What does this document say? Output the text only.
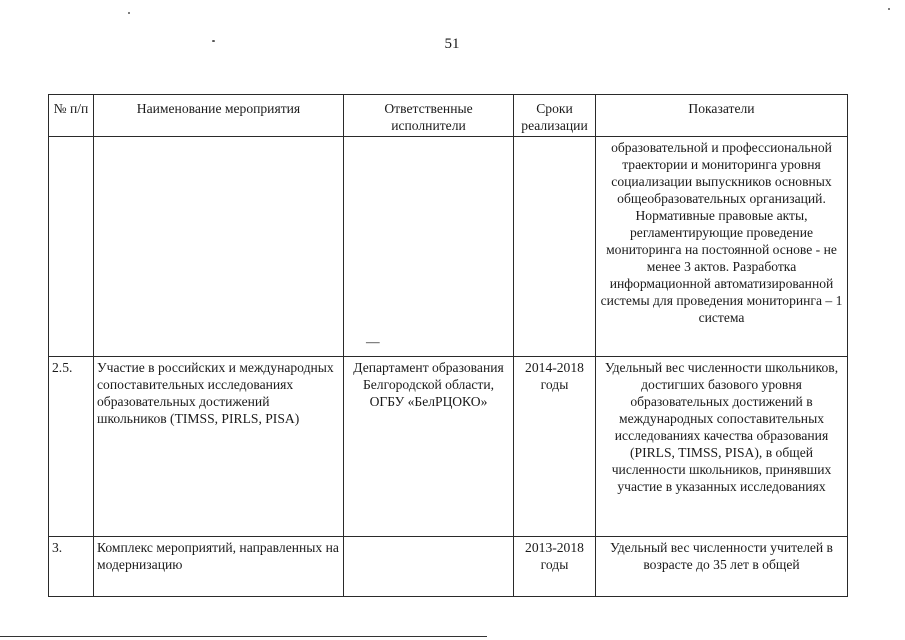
51
№ п/п	Наименование мероприятия	Ответственные исполнители	Сроки реализации	Показатели

		—		образовательной и профессиональной траектории и мониторинга уровня социализации выпускников основных общеобразовательных организаций. Нормативные правовые акты, регламентирующие проведение мониторинга на постоянной основе - не менее 3 актов. Разработка информационной автоматизированной системы для проведения мониторинга – 1 система
2.5.	Участие в российских и международных сопоставительных исследованиях образовательных достижений школьников (TIMSS, PIRLS, PISA)	Департамент образования Белгородской области, ОГБУ «БелРЦОКО»	2014-2018 годы	Удельный вес численности школьников, достигших базового уровня образовательных достижений в международных сопоставительных исследованиях качества образования (PIRLS, TIMSS, PISA), в общей численности школьников, принявших участие в указанных исследованиях
3.	Комплекс мероприятий, направленных на модернизацию		2013-2018 годы	Удельный вес численности учителей в возрасте до 35 лет в общей
